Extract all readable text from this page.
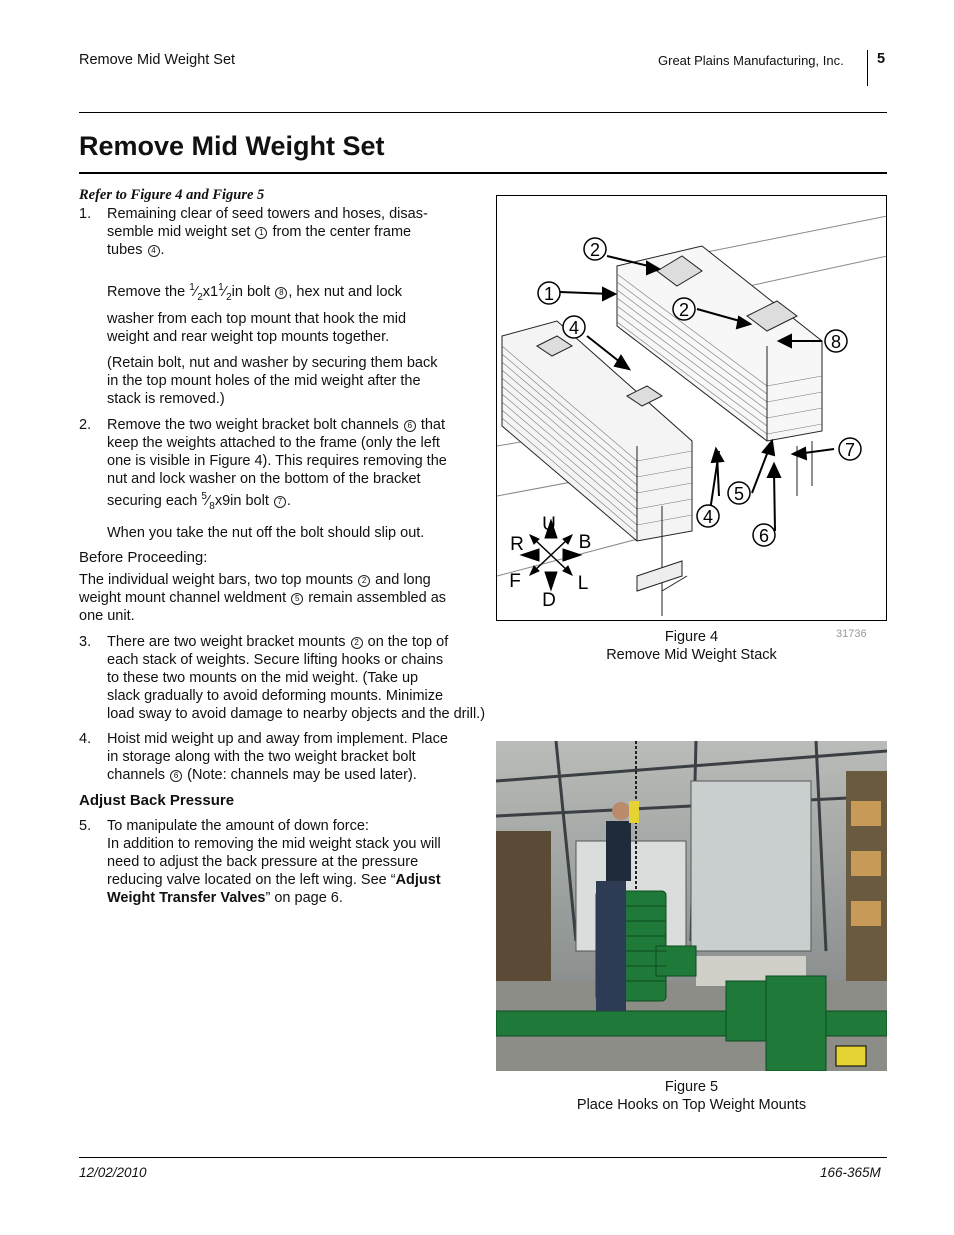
Remove Mid Weight Set	Great Plains Manufacturing, Inc. 5
Remove Mid Weight Set
Refer to Figure 4 and Figure 5
1. Remaining clear of seed towers and hoses, disas-
semble mid weight set 1 from the center frame
tubes 4 .
Remove the $^1⁄_2x1^1⁄_2in$ bolt 8 , hex nut and lock
washer from each top mount that hook the mid
weight and rear weight top mounts together.
(Retain bolt, nut and washer by securing them back
in the top mount holes of the mid weight after the
stack is removed.)
2. Remove the two weight bracket bolt channels 6 that
keep the weights attached to the frame (only the left
one is visible in Figure 4). This requires removing the
nut and lock washer on the bottom of the bracket
securing each $^5⁄_8x9in$ bolt 7 .
When you take the nut off the bolt should slip out.
Before Proceeding:
The individual weight bars, two top mounts 2 and long
weight mount channel weldment 5 remain assembled as
one unit.
3. There are two weight bracket mounts 2 on the top of
each stack of weights. Secure lifting hooks or chains
to these two mounts on the mid weight. (Take up
slack gradually to avoid deforming mounts. Minimize
load sway to avoid damage to nearby objects and the drill.)
4. Hoist mid weight up and away from implement. Place
in storage along with the two weight bracket bolt
channels 6 (Note: channels may be used later).
Adjust Back Pressure
5. To manipulate the amount of down force:
In addition to removing the mid weight stack you will
need to adjust the back pressure at the pressure
reducing valve located on the left wing. See “Adjust
Weight Transfer Valves” on page 6.
U
D
R	B
F	L
2
1
4
2
8
7
5
4
6
31736
Figure 4
Remove Mid Weight Stack
Figure 5
Place Hooks on Top Weight Mounts
12/02/2010	166-365M
